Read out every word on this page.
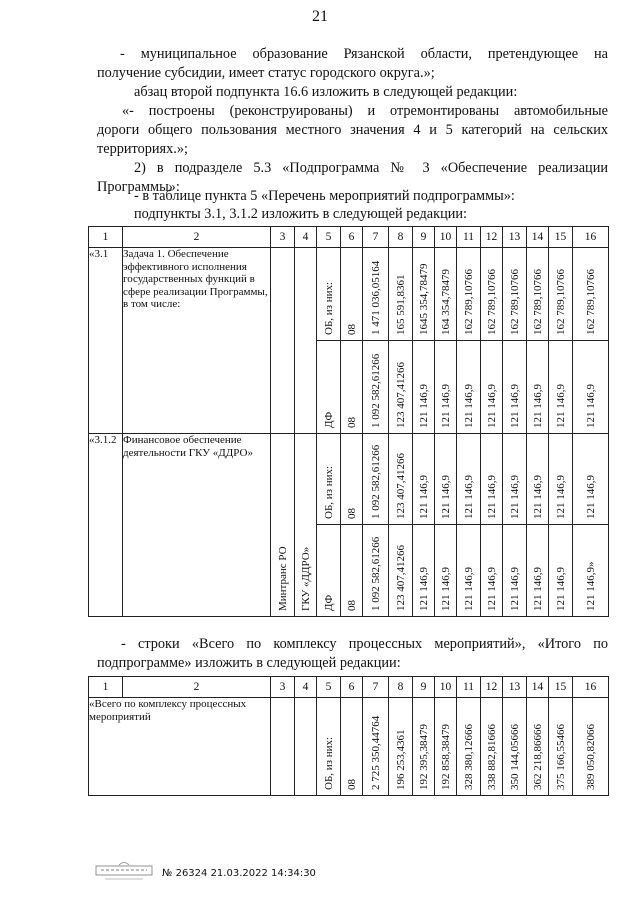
21
- муниципальное образование Рязанской области, претендующее на
получение субсидии, имеет статус городского округа.»;
абзац второй подпункта 16.6 изложить в следующей редакции:
«- построены (реконструированы) и отремонтированы автомобильные
дороги общего пользования местного значения 4 и 5 категорий на сельских
территориях.»;
2) в подразделе 5.3 «Подпрограмма № 3 «Обеспечение реализации
Программы»:
- в таблице пункта 5 «Перечень мероприятий подпрограммы»:
подпункты 3.1, 3.1.2 изложить в следующей редакции:
1	2	3	4	5	6	7	8	9	10	11	12	13	14	15	16
«3.1	Задача 1. Обеспечение эффективного исполнения государственных функций в сфере реализации Программы, в том числе:			ОБ, из них:	08	1 471 036,05164	165 591,8361	1645 354,78479	164 354,78479	162 789,10766	162 789,10766	162 789,10766	162 789,10766	162 789,10766	162 789,10766

				ДФ	08	1 092 582,61266	123 407,41266	121 146,9	121 146,9	121 146,9	121 146,9	121 146,9	121 146,9	121 146,9	121 146,9

«3.1.2	Финансовое обеспечение деятельности ГКУ «ДДРО»	Минтранс РО	ГКУ «ДДРО»	ОБ, из них:	08	1 092 582,61266	123 407,41266	121 146,9	121 146,9	121 146,9	121 146,9	121 146,9	121 146,9	121 146,9	121 146,9

				ДФ	08	1 092 582,61266	123 407,41266	121 146,9	121 146,9	121 146,9	121 146,9	121 146,9	121 146,9	121 146,9	121 146,9»
- строки «Всего по комплексу процессных мероприятий», «Итого по
подпрограмме» изложить в следующей редакции:
1	2	3	4	5	6	7	8	9	10	11	12	13	14	15	16
«Всего по комплексу процессных мероприятий				ОБ, из них:	08	2 725 350,44764	196 253,4361	192 395,38479	192 858,38479	328 380,12666	338 882,81666	350 144,05666	362 218,86666	375 166,55466	389 050,82066
№ 26324 21.03.2022 14:34:30
